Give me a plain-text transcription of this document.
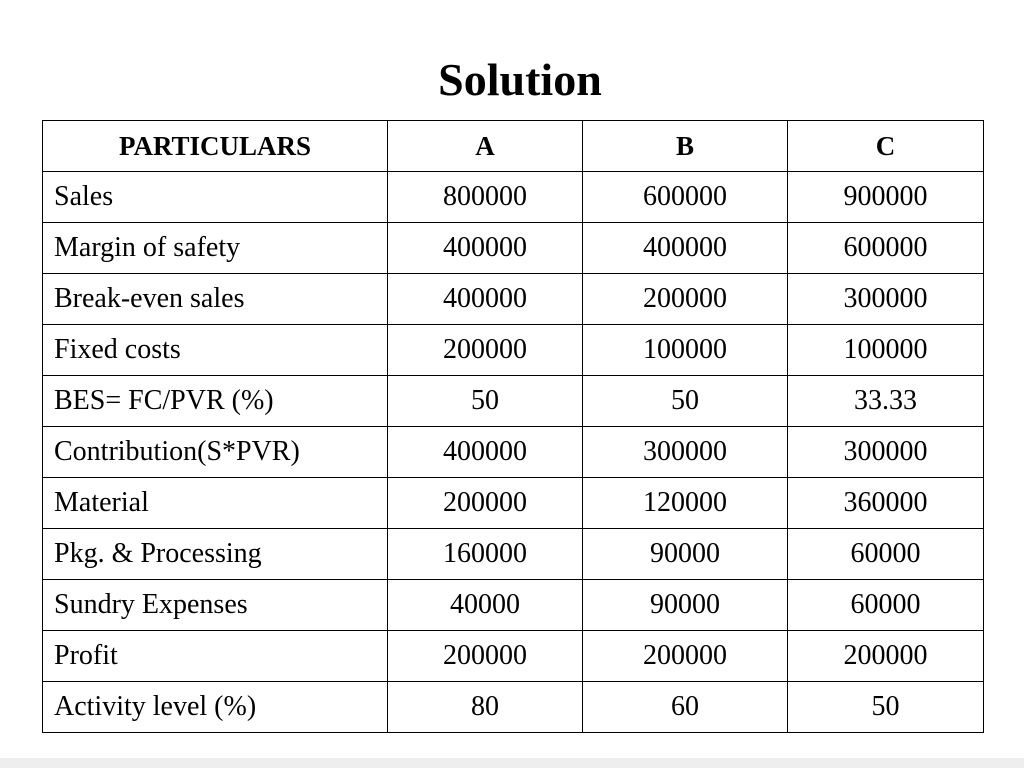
Solution
PARTICULARS	A	B	C
Sales	800000	600000	900000
Margin of safety	400000	400000	600000
Break-even sales	400000	200000	300000
Fixed costs	200000	100000	100000
BES= FC/PVR (%)	50	50	33.33
Contribution(S*PVR)	400000	300000	300000
Material	200000	120000	360000
Pkg. & Processing	160000	90000	60000
Sundry Expenses	40000	90000	60000
Profit	200000	200000	200000
Activity level (%)	80	60	50
